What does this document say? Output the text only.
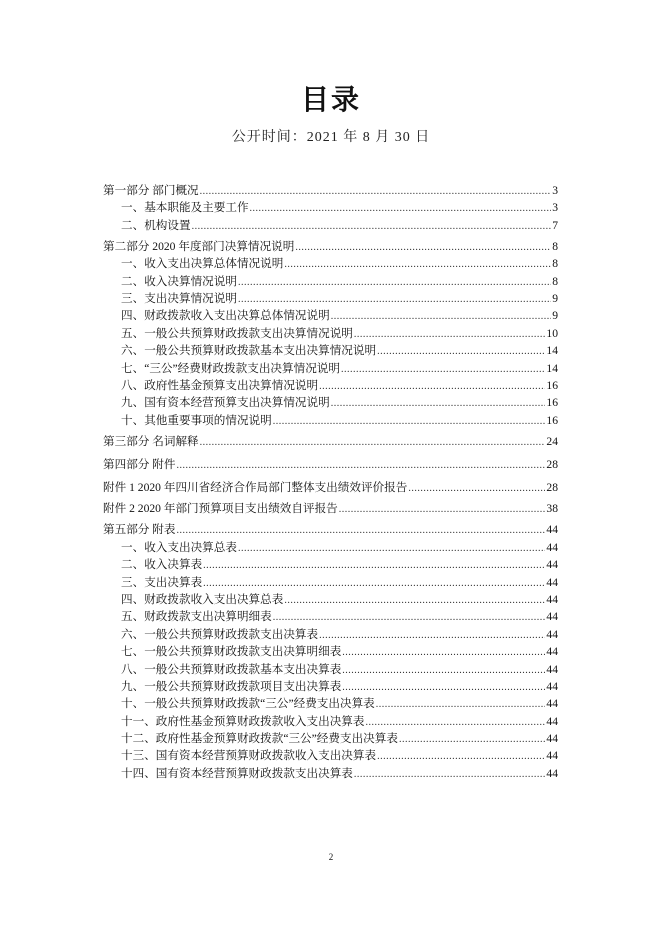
目录
公开时间：2021 年 8 月 30 日
第一部分 部门概况 .....	3
一、基本职能及主要工作 .....	3
二、机构设置 .....	7
第二部分 2020 年度部门决算情况说明 .....	8
一、收入支出决算总体情况说明 .....	8
二、收入决算情况说明 .....	8
三、支出决算情况说明 .....	9
四、财政拨款收入支出决算总体情况说明 .....	9
五、一般公共预算财政拨款支出决算情况说明 .....	10
六、一般公共预算财政拨款基本支出决算情况说明 .....	14
七、“三公”经费财政拨款支出决算情况说明 .....	14
八、政府性基金预算支出决算情况说明 .....	16
九、国有资本经营预算支出决算情况说明 .....	16
十、其他重要事项的情况说明 .....	16
第三部分 名词解释 .....	24
第四部分 附件 .....	28
附件 1 2020 年四川省经济合作局部门整体支出绩效评价报告 .....	28
附件 2 2020 年部门预算项目支出绩效自评报告 .....	38
第五部分 附表 .....	44
一、收入支出决算总表 .....	44
二、收入决算表 .....	44
三、支出决算表 .....	44
四、财政拨款收入支出决算总表 .....	44
五、财政拨款支出决算明细表 .....	44
六、一般公共预算财政拨款支出决算表 .....	44
七、一般公共预算财政拨款支出决算明细表 .....	44
八、一般公共预算财政拨款基本支出决算表 .....	44
九、一般公共预算财政拨款项目支出决算表 .....	44
十、一般公共预算财政拨款“三公”经费支出决算表 .....	44
十一、政府性基金预算财政拨款收入支出决算表 .....	44
十二、政府性基金预算财政拨款“三公”经费支出决算表 .....	44
十三、国有资本经营预算财政拨款收入支出决算表 .....	44
十四、国有资本经营预算财政拨款支出决算表 .....	44
2
